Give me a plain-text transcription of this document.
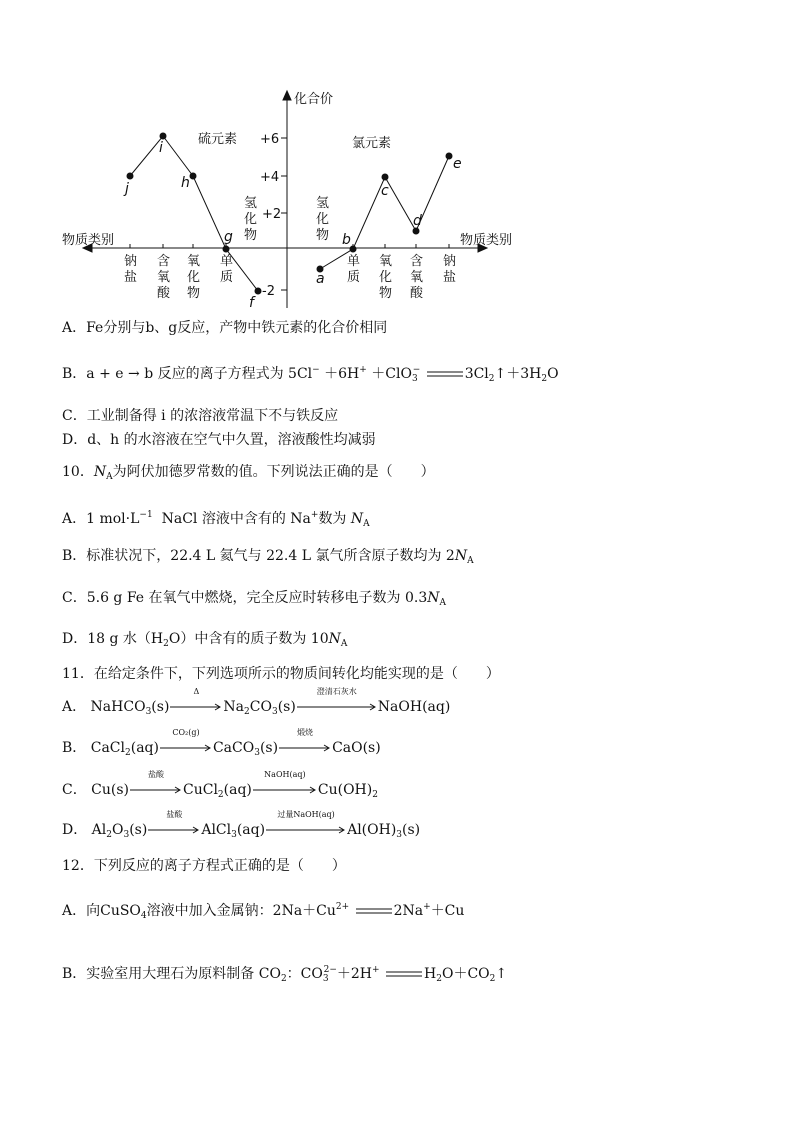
化合价
物质类别	物质类别
+6
+4
+2
-2
硫元素	氯元素
j
i
h
g
f
a
b
c
d
e
钠盐
含氧酸
氧化物
单质
单质
氧化物
含氧酸
钠盐
氢化物
氢化物
A．Fe分别与b、g反应，产物中铁元素的化合价相同
B．a + e → b 反应的离子方程式为 5Cl− ＋6H+ ＋ClO$_3$−	$3Cl_2↑+3H_2O$
C．工业制备得 i 的浓溶液常温下不与铁反应
D．d、h 的水溶液在空气中久置，溶液酸性均减弱
10．$N_A$为阿伏加德罗常数的值。下列说法正确的是（　　）
A．1 $mol\cdot L^{-1}$ NaCl 溶液中含有的 Na+数为 $N_A$
B．标准状况下，22.4 L 氦气与 22.4 L 氯气所含原子数均为 $2N_A$
C．5.6 g Fe 在氧气中燃烧，完全反应时转移电子数为 $0.3N_A$
D．18 g 水$(H_2O)$中含有的质子数为 $10N_A$
11．在给定条件下，下列选项所示的物质间转化均能实现的是（　　）
A． NaHCO$_3$(s)
Δ
$Na_2CO_3(s)$
澄清石灰水
NaOH(aq)
B． CaCl$_2$(aq)
CO₂(g)
CaCO$_3$(s)
煅烧
CaO(s)
C． Cu(s)
盐酸
CuCl$_2$(aq)
NaOH(aq)
$Cu(OH)_2$
D． $Al_2O_3(s)$
盐酸
AlCl$_3$(aq)
过量NaOH(aq)
$Al(OH)_3(s)$
12．下列反应的离子方程式正确的是（　　）
A．向CuSO$_4$溶液中加入金属钠：$2Na+Cu^{2+}$	2Na+＋Cu
B．实验室用大理石为原料制备 $CO_2$：$CO_3^{2-}+2H^+$	$H_2O+CO_2↑$
